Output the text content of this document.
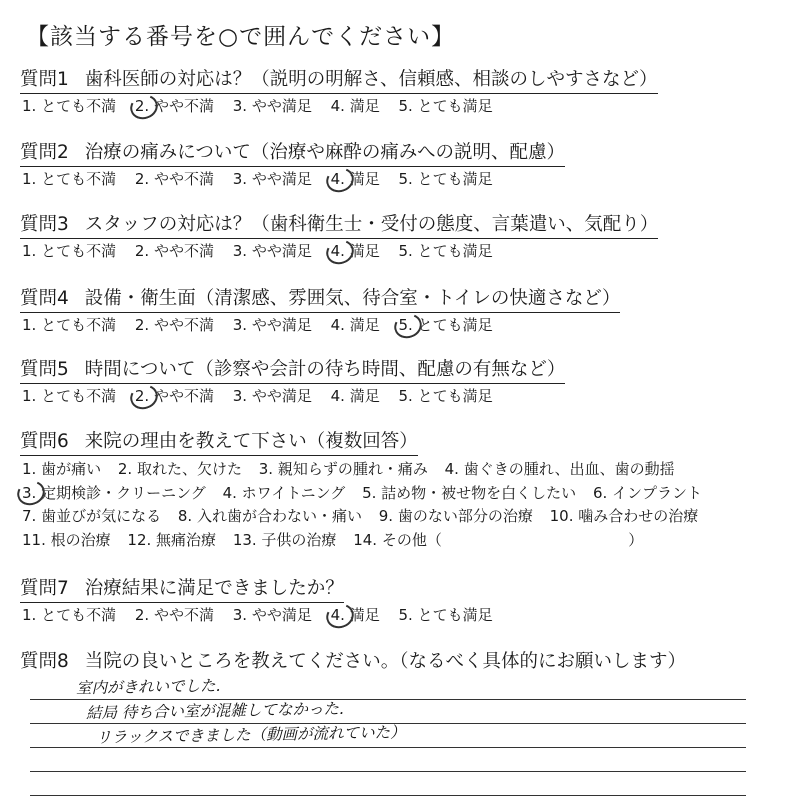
【該当する番号を○で囲んでください】
質問1 歯科医師の対応は？（説明の明解さ、信頼感、相談のしやすさなど）
1. とても不満 2. やや不満 3. やや満足 4. 満足 5. とても満足
質問2 治療の痛みについて（治療や麻酔の痛みへの説明、配慮）
1. とても不満 2. やや不満 3. やや満足 4. 満足 5. とても満足
質問3 スタッフの対応は？（歯科衛生士・受付の態度、言葉遣い、気配り）
1. とても不満 2. やや不満 3. やや満足 4. 満足 5. とても満足
質問4 設備・衛生面（清潔感、雰囲気、待合室・トイレの快適さなど）
1. とても不満 2. やや不満 3. やや満足 4. 満足 5. とても満足
質問5 時間について（診察や会計の待ち時間、配慮の有無など）
1. とても不満 2. やや不満 3. やや満足 4. 満足 5. とても満足
質問6 来院の理由を教えて下さい（複数回答）
1. 歯が痛い 2. 取れた、欠けた 3. 親知らずの腫れ・痛み 4. 歯ぐきの腫れ、出血、歯の動揺
3. 定期検診・クリーニング 4. ホワイトニング 5. 詰め物・被せ物を白くしたい 6. インプラント
7. 歯並びが気になる 8. 入れ歯が合わない・痛い 9. 歯のない部分の治療 10. 噛み合わせの治療
11. 根の治療 12. 無痛治療 13. 子供の治療 14. その他（	）
質問7 治療結果に満足できましたか？
1. とても不満 2. やや不満 3. やや満足 4. 満足 5. とても満足
質問8 当院の良いところを教えてください。（なるべく具体的にお願いします）
室内がきれいでした.
結局 待ち合い室が混雑してなかった.
リラックスできました（動画が流れていた）
